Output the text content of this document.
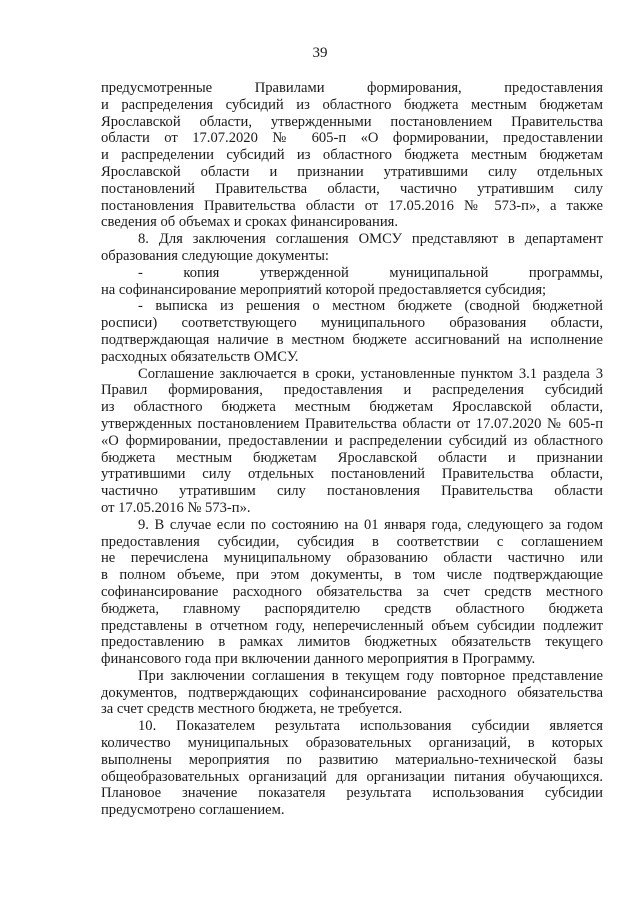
39
предусмотренные Правилами формирования, предоставления
и распределения субсидий из областного бюджета местным бюджетам
Ярославской области, утвержденными постановлением Правительства
области от 17.07.2020 № 605-п «О формировании, предоставлении
и распределении субсидий из областного бюджета местным бюджетам
Ярославской области и признании утратившими силу отдельных
постановлений Правительства области, частично утратившим силу
постановления Правительства области от 17.05.2016 № 573-п», а также
сведения об объемах и сроках финансирования.
8. Для заключения соглашения ОМСУ представляют в департамент
образования следующие документы:
- копия утвержденной муниципальной программы,
на софинансирование мероприятий которой предоставляется субсидия;
- выписка из решения о местном бюджете (сводной бюджетной
росписи) соответствующего муниципального образования области,
подтверждающая наличие в местном бюджете ассигнований на исполнение
расходных обязательств ОМСУ.
Соглашение заключается в сроки, установленные пунктом 3.1 раздела 3
Правил формирования, предоставления и распределения субсидий
из областного бюджета местным бюджетам Ярославской области,
утвержденных постановлением Правительства области от 17.07.2020 № 605-п
«О формировании, предоставлении и распределении субсидий из областного
бюджета местным бюджетам Ярославской области и признании
утратившими силу отдельных постановлений Правительства области,
частично утратившим силу постановления Правительства области
от 17.05.2016 № 573-п».
9. В случае если по состоянию на 01 января года, следующего за годом
предоставления субсидии, субсидия в соответствии с соглашением
не перечислена муниципальному образованию области частично или
в полном объеме, при этом документы, в том числе подтверждающие
софинансирование расходного обязательства за счет средств местного
бюджета, главному распорядителю средств областного бюджета
представлены в отчетном году, неперечисленный объем субсидии подлежит
предоставлению в рамках лимитов бюджетных обязательств текущего
финансового года при включении данного мероприятия в Программу.
При заключении соглашения в текущем году повторное представление
документов, подтверждающих софинансирование расходного обязательства
за счет средств местного бюджета, не требуется.
10. Показателем результата использования субсидии является
количество муниципальных образовательных организаций, в которых
выполнены мероприятия по развитию материально-технической базы
общеобразовательных организаций для организации питания обучающихся.
Плановое значение показателя результата использования субсидии
предусмотрено соглашением.
